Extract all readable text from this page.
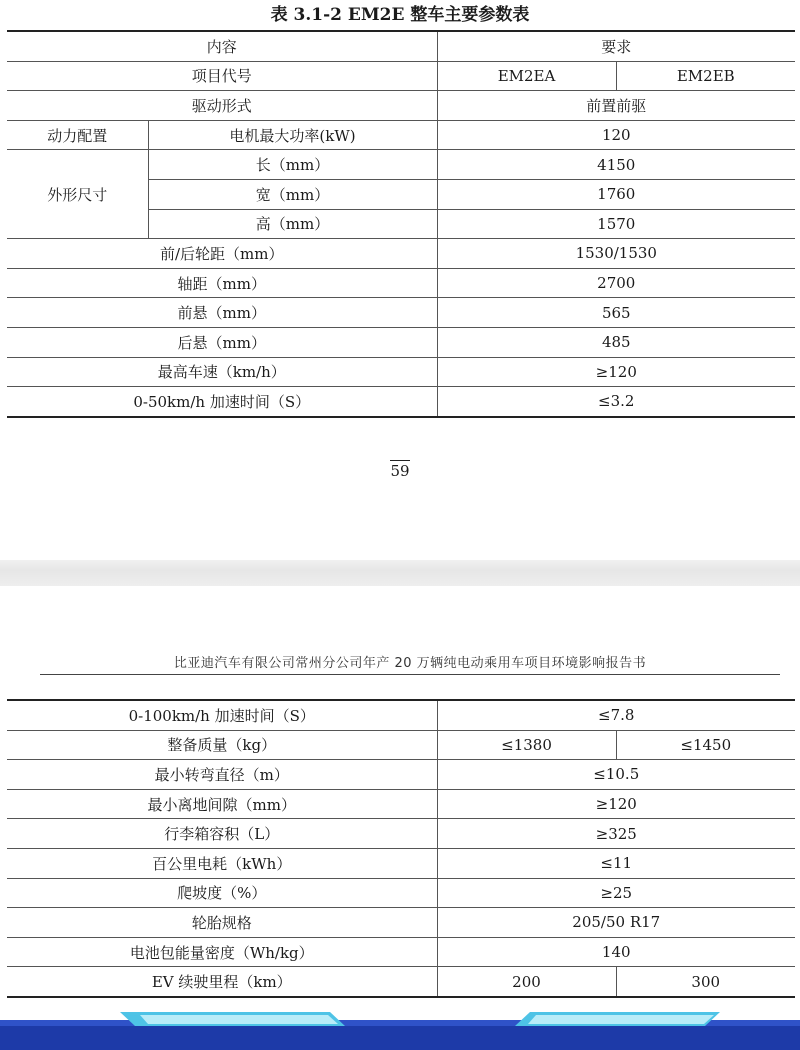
表 3.1-2 EM2E 整车主要参数表
内容		要求	
项目代号		EM2EA	EM2EB
驱动形式		前置前驱	
动力配置	电机最大功率(kW)	120	
外形尺寸	长（mm）	4150	
	宽（mm）	1760	
	高（mm）	1570	
前/后轮距（mm）		1530/1530	
轴距（mm）		2700	
前悬（mm）		565	
后悬（mm）		485	
最高车速（km/h）		≥120	
0-50km/h 加速时间（S）		≤3.2	
59
比亚迪汽车有限公司常州分公司年产 20 万辆纯电动乘用车项目环境影响报告书
0-100km/h 加速时间（S）	≤7.8	
整备质量（kg）	≤1380	≤1450
最小转弯直径（m）	≤10.5	
最小离地间隙（mm）	≥120	
行李箱容积（L）	≥325	
百公里电耗（kWh）	≤11	
爬坡度（%）	≥25	
轮胎规格	205/50 R17	
电池包能量密度（Wh/kg）	140	
EV 续驶里程（km）	200	300
